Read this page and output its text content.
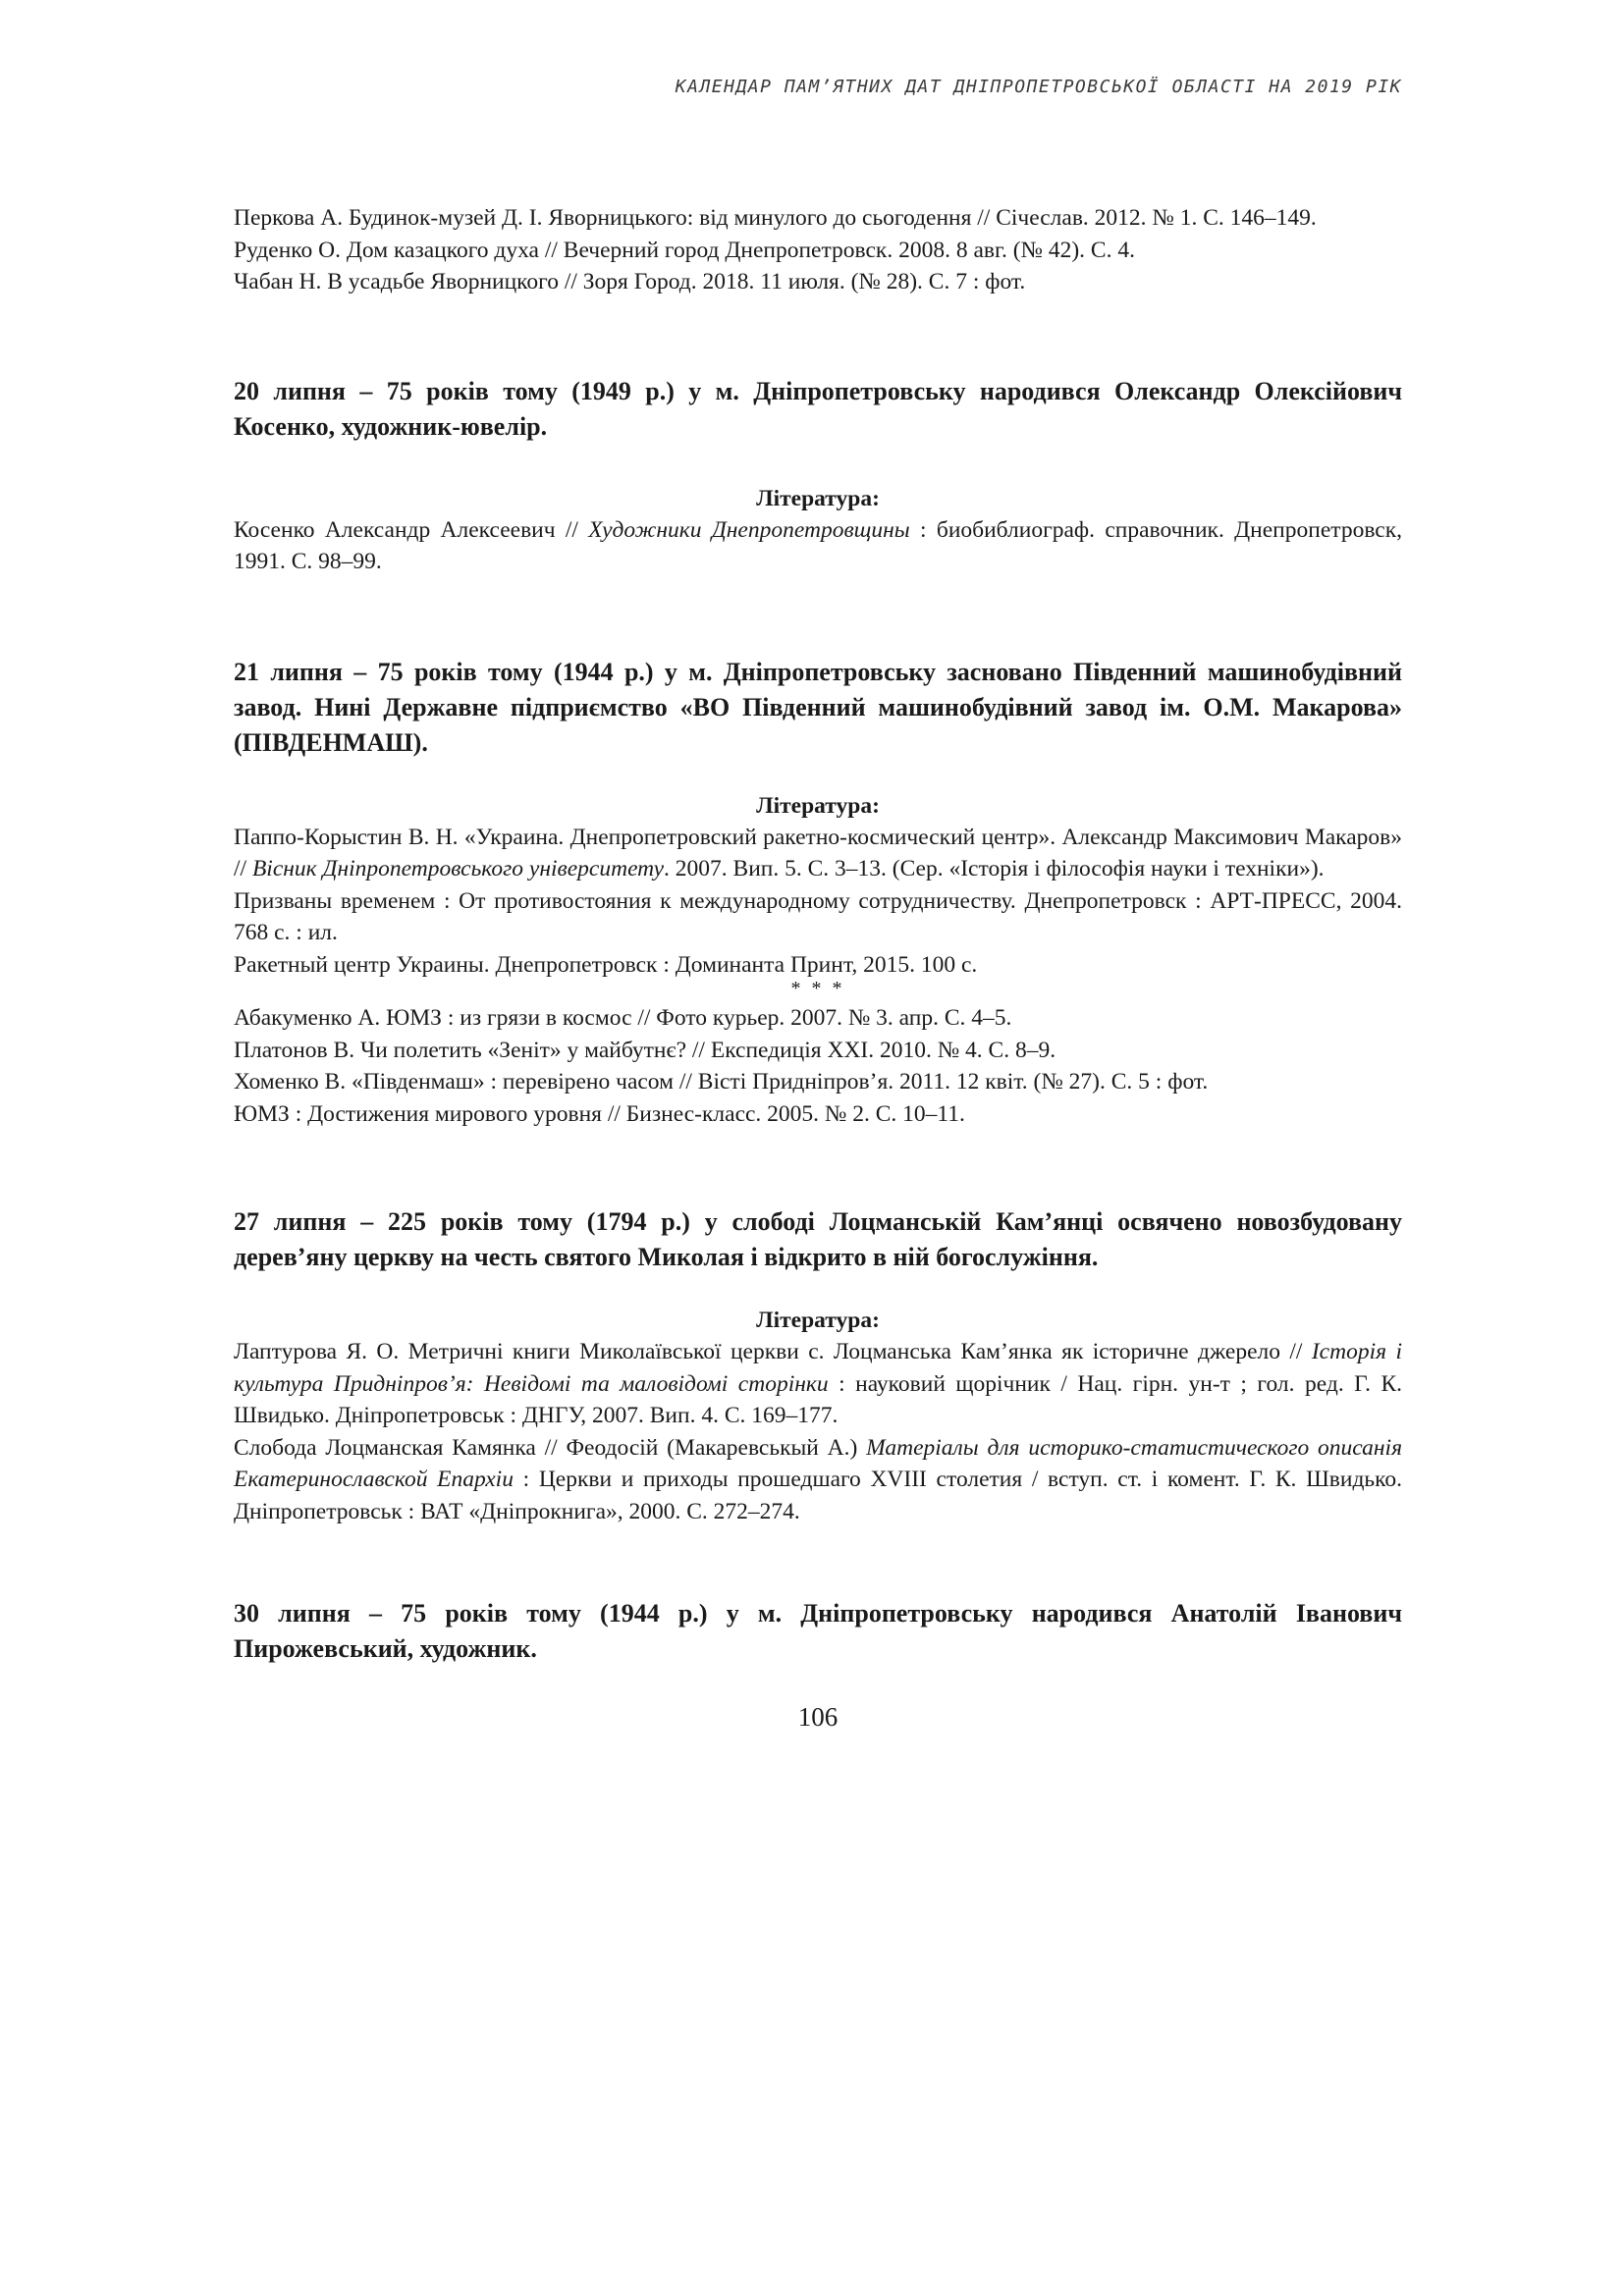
КАЛЕНДАР ПАМ’ЯТНИХ ДАТ ДНІПРОПЕТРОВСЬКОЇ ОБЛАСТІ НА 2019 РІК

Перкова А. Будинок-музей Д. І. Яворницького: від минулого до сьогодення // Січеслав. 2012. № 1. С. 146–149.

Руденко О. Дом казацкого духа // Вечерний город Днепропетровск. 2008. 8 авг. (№ 42). С. 4.

Чабан Н. В усадьбе Яворницкого // Зоря Город. 2018. 11 июля. (№ 28). С. 7 : фот.

20 липня – 75 років тому (1949 р.) у м. Дніпропетровську народився Олександр Олексійович Косенко, художник-ювелір.

Література:

Косенко Александр Алексеевич // Художники Днепропетровщины : биобиблиограф. справочник. Днепропетровск, 1991. С. 98–99.

21 липня – 75 років тому (1944 р.) у м. Дніпропетровську засновано Південний машинобудівний завод. Нині Державне підприємство «ВО Південний машинобудівний завод ім. О.М. Макарова» (ПІВДЕНМАШ).

Література:

Паппо-Корыстин В. Н. «Украина. Днепропетровский ракетно-космический центр». Александр Максимович Макаров» // Вісник Дніпропетровського університету. 2007. Вип. 5. С. 3–13. (Сер. «Історія і філософія науки і техніки»).

Призваны временем : От противостояния к международному сотрудничеству. Днепропетровск : АРТ-ПРЕСС, 2004. 768 с. : ил.

Ракетный центр Украины. Днепропетровск : Доминанта Принт, 2015. 100 с.

* * *

Абакуменко А. ЮМЗ : из грязи в космос // Фото курьер. 2007. № 3. апр. С. 4–5.

Платонов В. Чи полетить «Зеніт» у майбутнє? // Експедиція ХХІ. 2010. № 4. С. 8–9.

Хоменко В. «Південмаш» : перевірено часом // Вісті Придніпров’я. 2011. 12 квіт. (№ 27). С. 5 : фот.

ЮМЗ : Достижения мирового уровня // Бизнес-класс. 2005. № 2. С. 10–11.

27 липня – 225 років тому (1794 р.) у слободі Лоцманській Кам’янці освячено новозбудовану дерев’яну церкву на честь святого Миколая і відкрито в ній богослужіння.

Література:

Лаптурова Я. О. Метричні книги Миколаївської церкви с. Лоцманська Кам’янка як історичне джерело // Історія і культура Придніпров’я: Невідомі та маловідомі сторінки : науковий щорічник / Нац. гірн. ун-т ; гол. ред. Г. К. Швидько. Дніпропетровськ : ДНГУ, 2007. Вип. 4. С. 169–177.

Слобода Лоцманская Камянка // Феодосій (Макаревськый А.) Матеріалы для историко-статистического описанія Екатеринославской Епархіи : Церкви и приходы прошедшаго XVIII столетия / вступ. ст. і комент. Г. К. Швидько. Дніпропетровськ : ВАТ «Дніпрокнига», 2000. С. 272–274.

30 липня – 75 років тому (1944 р.) у м. Дніпропетровську народився Анатолій Іванович Пирожевський, художник.

106
